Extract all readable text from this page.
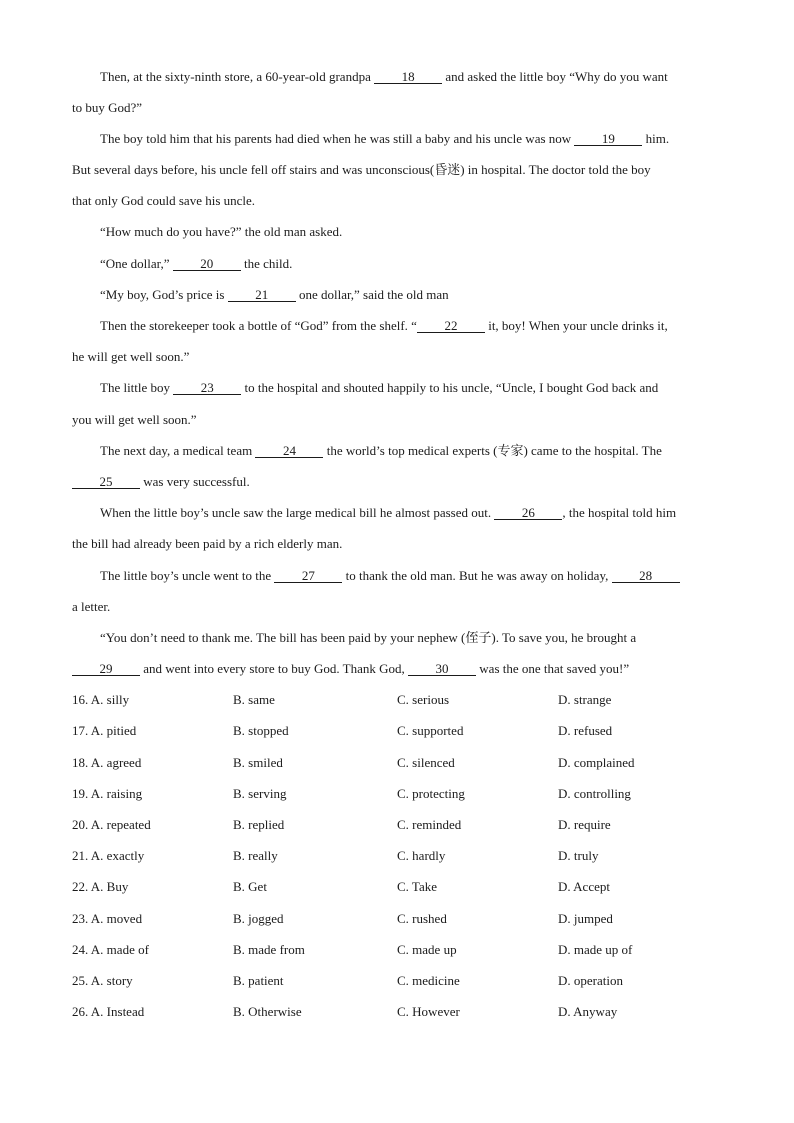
Then, at the sixty-ninth store, a 60-year-old grandpa 18 and asked the little boy “Why do you want
to buy God?”
The boy told him that his parents had died when he was still a baby and his uncle was now 19 him.
But several days before, his uncle fell off stairs and was unconscious(昏迷) in hospital. The doctor told the boy
that only God could save his uncle.
“How much do you have?” the old man asked.
“One dollar,” 20 the child.
“My boy, God’s price is 21 one dollar,” said the old man
Then the storekeeper took a bottle of “God” from the shelf. “ 22 it, boy! When your uncle drinks it,
he will get well soon.”
The little boy 23 to the hospital and shouted happily to his uncle, “Uncle, I bought God back and
you will get well soon.”
The next day, a medical team 24 the world’s top medical experts (专家) came to the hospital. The
25 was very successful.
When the little boy’s uncle saw the large medical bill he almost passed out. 26 , the hospital told him
the bill had already been paid by a rich elderly man.
The little boy’s uncle went to the 27 to thank the old man. But he was away on holiday, 28
a letter.
“You don’t need to thank me. The bill has been paid by your nephew (侄子). To save you, he brought a
29 and went into every store to buy God. Thank God, 30 was the one that saved you!”
16. A. silly	B. same	C. serious	D. strange
17. A. pitied	B. stopped	C. supported	D. refused
18. A. agreed	B. smiled	C. silenced	D. complained
19. A. raising	B. serving	C. protecting	D. controlling
20. A. repeated	B. replied	C. reminded	D. require
21. A. exactly	B. really	C. hardly	D. truly
22. A. Buy	B. Get	C. Take	D. Accept
23. A. moved	B. jogged	C. rushed	D. jumped
24. A. made of	B. made from	C. made up	D. made up of
25. A. story	B. patient	C. medicine	D. operation
26. A. Instead	B. Otherwise	C. However	D. Anyway
